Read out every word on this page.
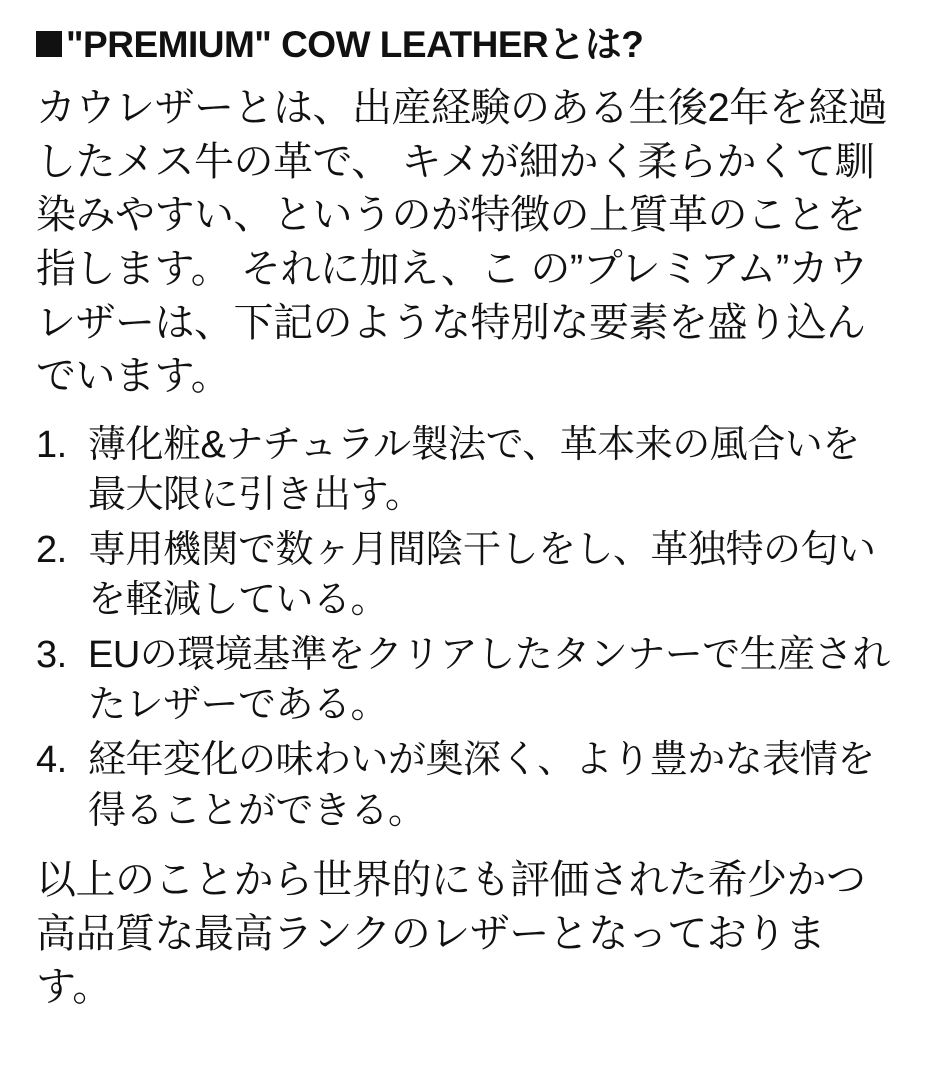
"PREMIUM" COW LEATHERとは?

カウレザーとは、出産経験のある生後2年を経過したメス牛の革で、 キメが細かく柔らかくて馴染みやすい、というのが特徴の上質革のことを指します。 それに加え、こ の”プレミアム”カウレザーは、下記のような特別な要素を盛り込んでいます。

1. 薄化粧&ナチュラル製法で、革本来の風合いを最大限に引き出す。
2. 専用機関で数ヶ月間陰干しをし、革独特の匂いを軽減している。
3. EUの環境基準をクリアしたタンナーで生産されたレザーである。
4. 経年変化の味わいが奥深く、より豊かな表情を得ることができる。

以上のことから世界的にも評価された希少かつ高品質な最高ランクのレザーとなっております。
